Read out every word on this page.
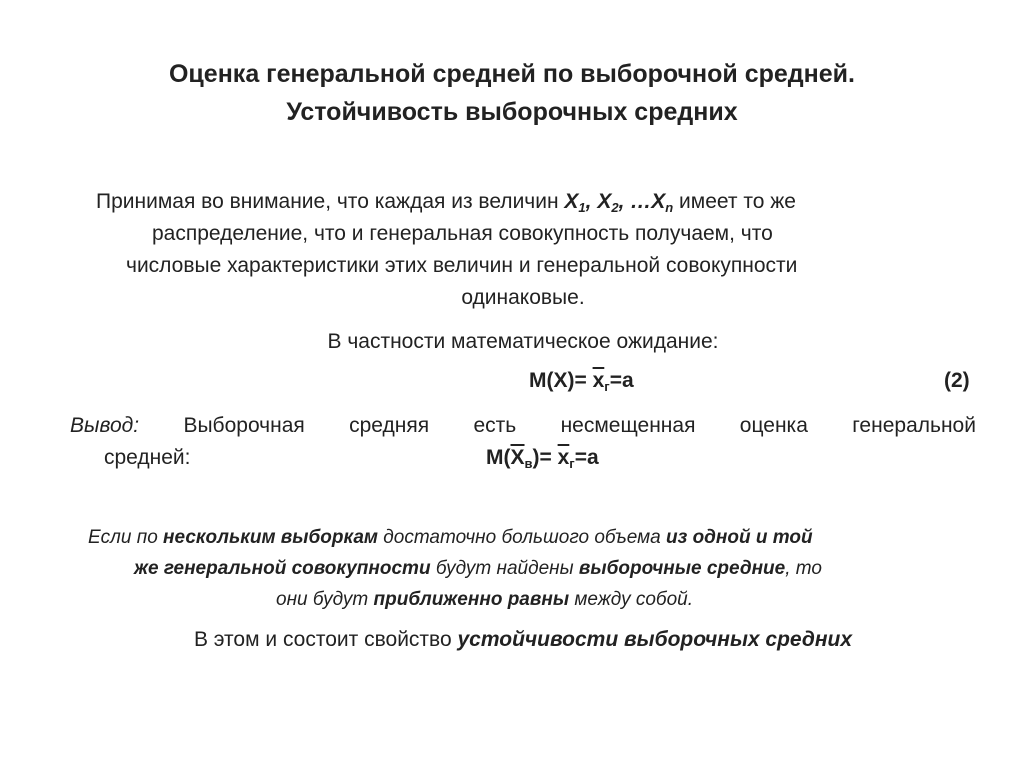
Оценка генеральной средней по выборочной средней.
Устойчивость выборочных средних
Принимая во внимание, что каждая из величин $X_1$, $X_2$, $\dots X_n$ имеет то же
распределение, что и генеральная совокупность получаем, что
числовые характеристики этих величин и генеральной совокупности
одинаковые.
В частности математическое ожидание:
$M(X)= \overline{x}_г=a$	(2)
Вывод: Выборочная средняя есть несмещенная оценка генеральной
средней:	$M(\overline{X}_в)= \overline{x}_г=a$
Если по нескольким выборкам достаточно большого объема из одной и той
же генеральной совокупности будут найдены выборочные средние, то
они будут приближенно равны между собой.
В этом и состоит свойство устойчивости выборочных средних
